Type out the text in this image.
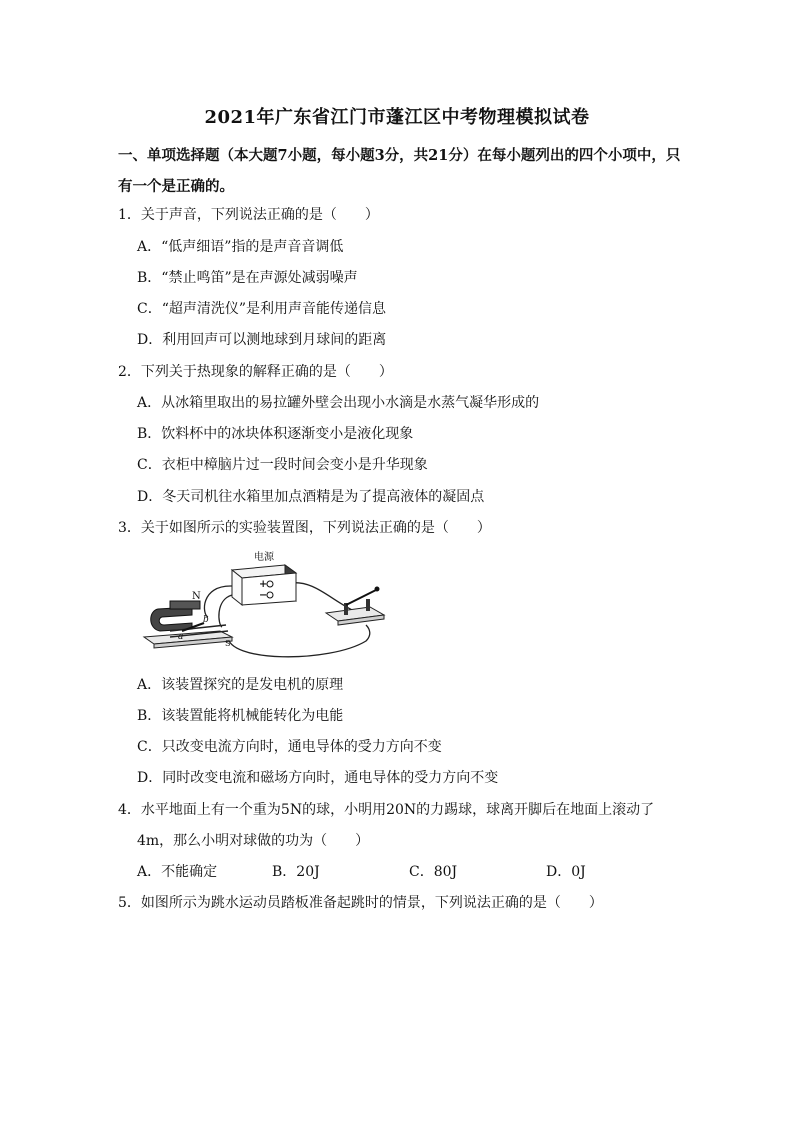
2021年广东省江门市蓬江区中考物理模拟试卷
一、单项选择题（本大题7小题，每小题3分，共21分）在每小题列出的四个小项中，只有一个是正确的。
1．关于声音，下列说法正确的是（　　）
A．“低声细语”指的是声音音调低
B．“禁止鸣笛”是在声源处减弱噪声
C．“超声清洗仪”是利用声音能传递信息
D．利用回声可以测地球到月球间的距离
2．下列关于热现象的解释正确的是（　　）
A．从冰箱里取出的易拉罐外壁会出现小水滴是水蒸气凝华形成的
B．饮料杯中的冰块体积逐渐变小是液化现象
C．衣柜中樟脑片过一段时间会变小是升华现象
D．冬天司机往水箱里加点酒精是为了提高液体的凝固点
3．关于如图所示的实验装置图，下列说法正确的是（　　）
电源
+
−
N
a
b
S
A．该装置探究的是发电机的原理
B．该装置能将机械能转化为电能
C．只改变电流方向时，通电导体的受力方向不变
D．同时改变电流和磁场方向时，通电导体的受力方向不变
4．水平地面上有一个重为5N的球，小明用20N的力踢球，球离开脚后在地面上滚动了
4m，那么小明对球做的功为（　　）
A．不能确定	B．20J	C．80J	D．0J
5．如图所示为跳水运动员踏板准备起跳时的情景，下列说法正确的是（　　）
